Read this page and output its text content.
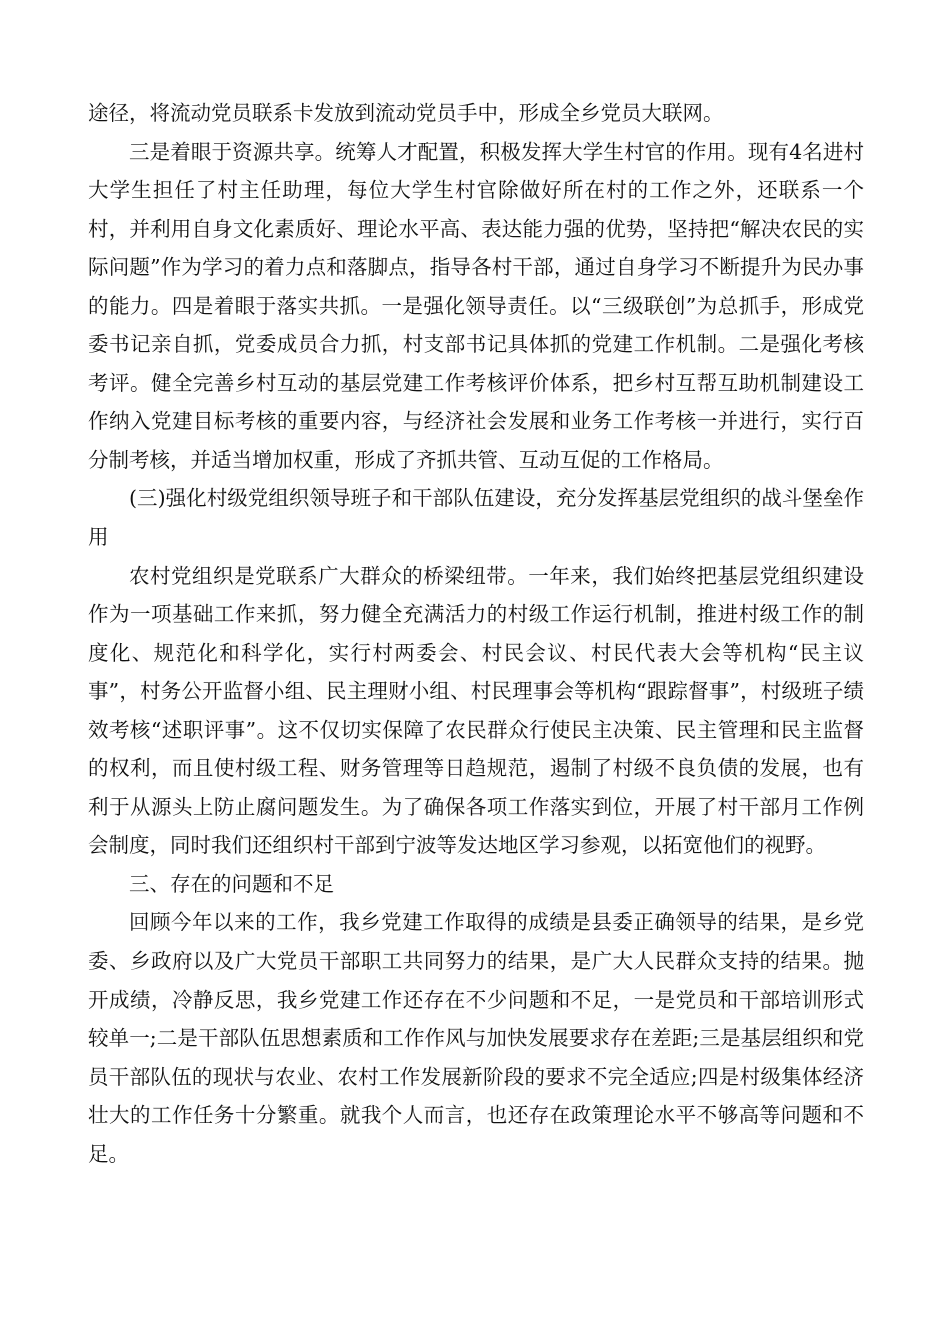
途径，将流动党员联系卡发放到流动党员手中，形成全乡党员大联网。

三是着眼于资源共享。统筹人才配置，积极发挥大学生村官的作用。现有4名进村大学生担任了村主任助理，每位大学生村官除做好所在村的工作之外，还联系一个村，并利用自身文化素质好、理论水平高、表达能力强的优势，坚持把“解决农民的实际问题”作为学习的着力点和落脚点，指导各村干部，通过自身学习不断提升为民办事的能力。四是着眼于落实共抓。一是强化领导责任。以“三级联创”为总抓手，形成党委书记亲自抓，党委成员合力抓，村支部书记具体抓的党建工作机制。二是强化考核考评。健全完善乡村互动的基层党建工作考核评价体系，把乡村互帮互助机制建设工作纳入党建目标考核的重要内容，与经济社会发展和业务工作考核一并进行，实行百分制考核，并适当增加权重，形成了齐抓共管、互动互促的工作格局。

(三)强化村级党组织领导班子和干部队伍建设，充分发挥基层党组织的战斗堡垒作用

农村党组织是党联系广大群众的桥梁纽带。一年来，我们始终把基层党组织建设作为一项基础工作来抓，努力健全充满活力的村级工作运行机制，推进村级工作的制度化、规范化和科学化，实行村两委会、村民会议、村民代表大会等机构“民主议事”，村务公开监督小组、民主理财小组、村民理事会等机构“跟踪督事”，村级班子绩效考核“述职评事”。这不仅切实保障了农民群众行使民主决策、民主管理和民主监督的权利，而且使村级工程、财务管理等日趋规范，遏制了村级不良负债的发展，也有利于从源头上防止腐问题发生。为了确保各项工作落实到位，开展了村干部月工作例会制度，同时我们还组织村干部到宁波等发达地区学习参观，以拓宽他们的视野。

三、存在的问题和不足

回顾今年以来的工作，我乡党建工作取得的成绩是县委正确领导的结果，是乡党委、乡政府以及广大党员干部职工共同努力的结果，是广大人民群众支持的结果。抛开成绩，冷静反思，我乡党建工作还存在不少问题和不足，一是党员和干部培训形式较单一;二是干部队伍思想素质和工作作风与加快发展要求存在差距;三是基层组织和党员干部队伍的现状与农业、农村工作发展新阶段的要求不完全适应;四是村级集体经济壮大的工作任务十分繁重。就我个人而言，也还存在政策理论水平不够高等问题和不足。
